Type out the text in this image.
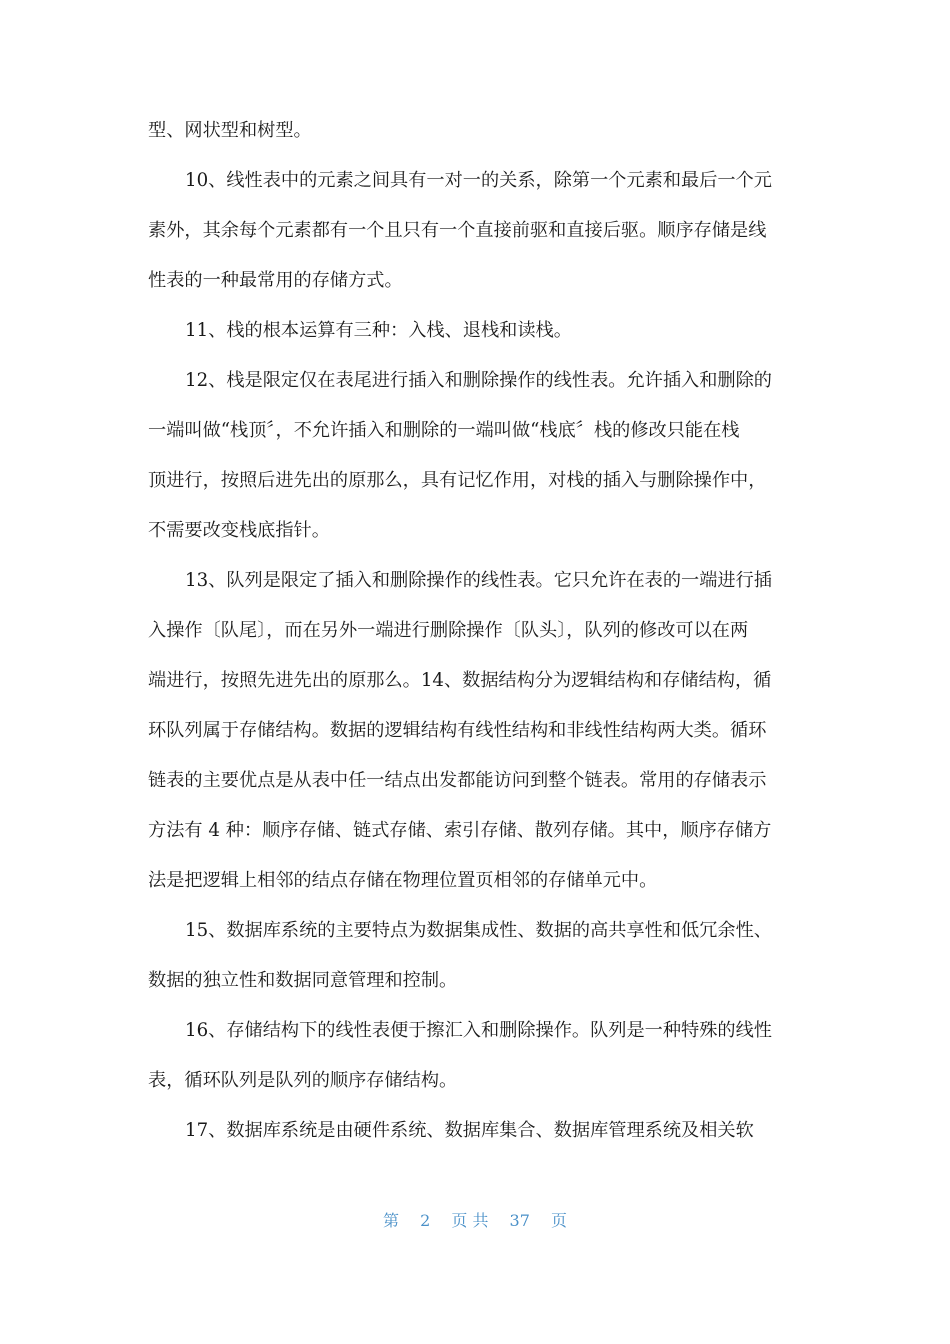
型、网状型和树型。
10、线性表中的元素之间具有一对一的关系，除第一个元素和最后一个元
素外，其余每个元素都有一个且只有一个直接前驱和直接后驱。顺序存储是线
性表的一种最常用的存储方式。
11、栈的根本运算有三种：入栈、退栈和读栈。
12、栈是限定仅在表尾进行插入和删除操作的线性表。允许插入和删除的
一端叫做“栈顶〞，不允许插入和删除的一端叫做“栈底〞栈的修改只能在栈
顶进行，按照后进先出的原那么，具有记忆作用，对栈的插入与删除操作中，
不需要改变栈底指针。
13、队列是限定了插入和删除操作的线性表。它只允许在表的一端进行插
入操作〔队尾〕，而在另外一端进行删除操作〔队头〕，队列的修改可以在两
端进行，按照先进先出的原那么。14、数据结构分为逻辑结构和存储结构，循
环队列属于存储结构。数据的逻辑结构有线性结构和非线性结构两大类。循环
链表的主要优点是从表中任一结点出发都能访问到整个链表。常用的存储表示
方法有 4 种：顺序存储、链式存储、索引存储、散列存储。其中，顺序存储方
法是把逻辑上相邻的结点存储在物理位置页相邻的存储单元中。
15、数据库系统的主要特点为数据集成性、数据的高共享性和低冗余性、
数据的独立性和数据同意管理和控制。
16、存储结构下的线性表便于擦汇入和删除操作。队列是一种特殊的线性
表，循环队列是队列的顺序存储结构。
17、数据库系统是由硬件系统、数据库集合、数据库管理系统及相关软
第 2 页 共 37 页
